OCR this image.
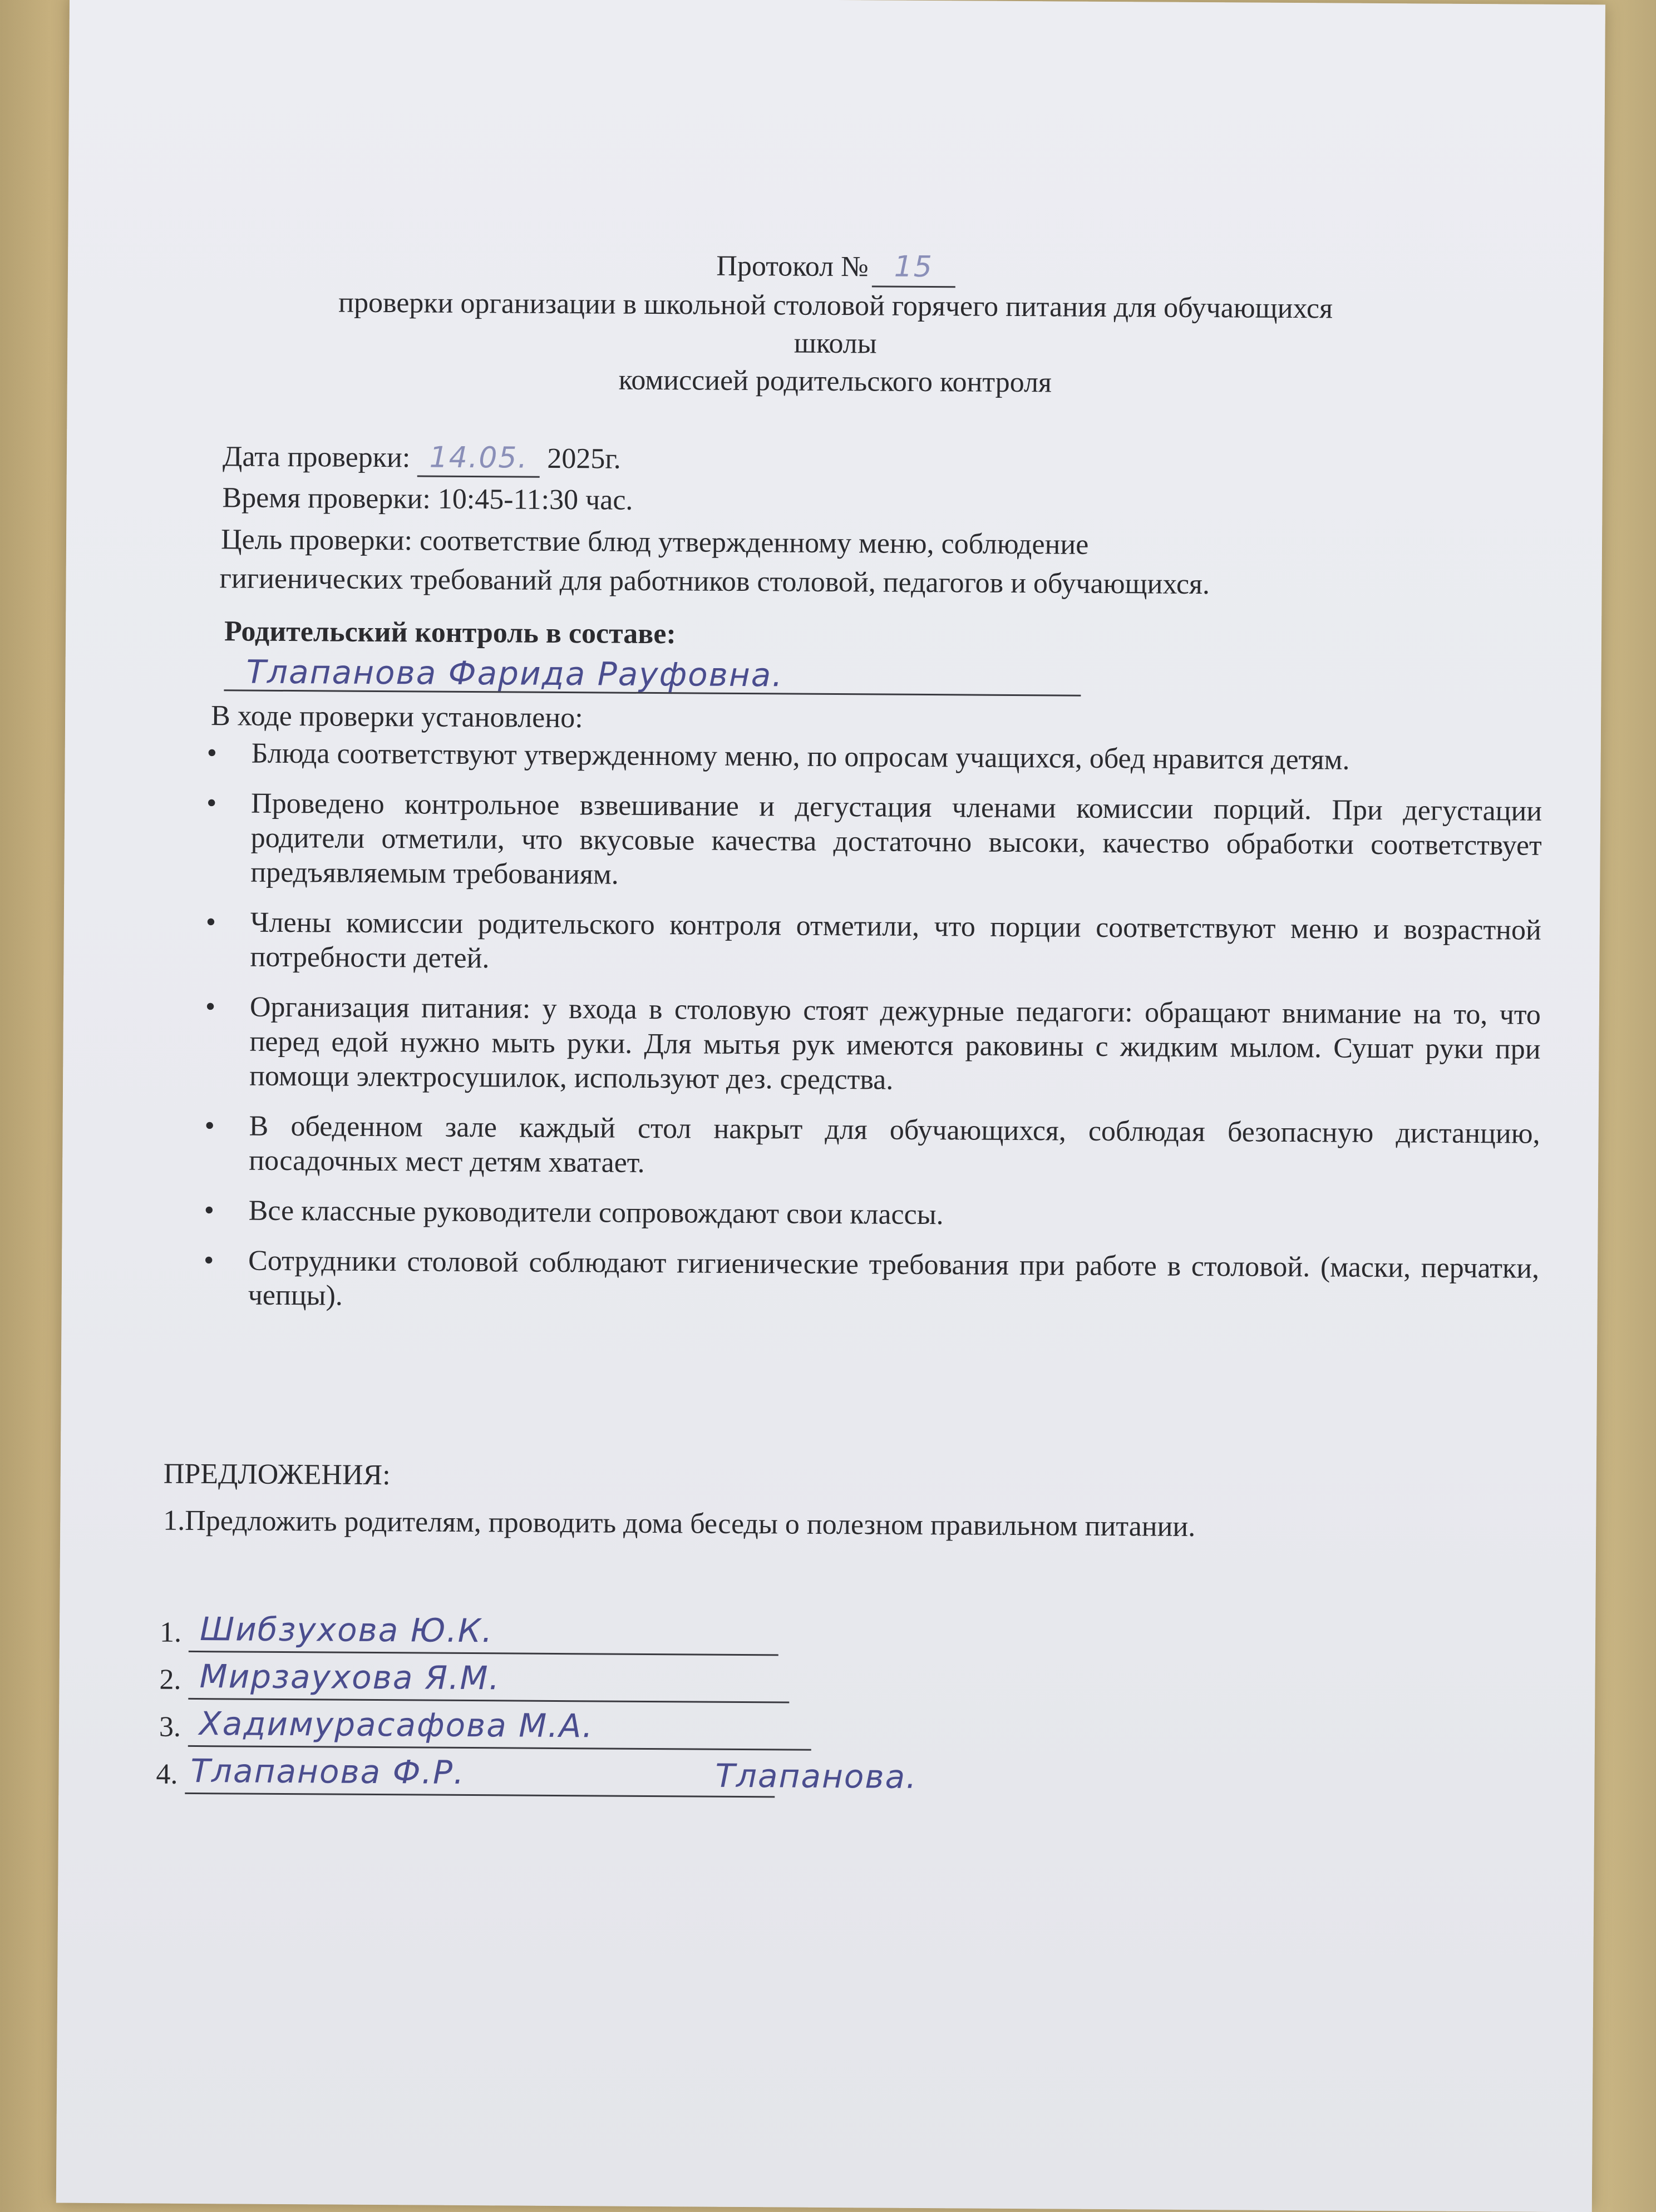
Протокол № 15
проверки организации в школьной столовой горячего питания для обучающихся
школы
комиссией родительского контроля
Дата проверки: 14.05. 2025г.
Время проверки: 10:45-11:30 час.
Цель проверки: соответствие блюд утвержденному меню, соблюдение
гигиенических требований для работников столовой, педагогов и обучающихся.
Родительский контроль в составе:
Тлапанова Фарида Рауфовна.
В ходе проверки установлено:
• Блюда соответствуют утвержденному меню, по опросам учащихся, обед нравится детям.
• Проведено контрольное взвешивание и дегустация членами комиссии порций. При дегустации родители отметили, что вкусовые качества достаточно высоки, качество обработки соответствует предъявляемым требованиям.
• Члены комиссии родительского контроля отметили, что порции соответствуют меню и возрастной потребности детей.
• Организация питания: у входа в столовую стоят дежурные педагоги: обращают внимание на то, что перед едой нужно мыть руки. Для мытья рук имеются раковины с жидким мылом. Сушат руки при помощи электросушилок, используют дез. средства.
• В обеденном зале каждый стол накрыт для обучающихся, соблюдая безопасную дистанцию, посадочных мест детям хватает.
• Все классные руководители сопровождают свои классы.
• Сотрудники столовой соблюдают гигиенические требования при работе в столовой. (маски, перчатки, чепцы).
ПРЕДЛОЖЕНИЯ:
1.Предложить родителям, проводить дома беседы о полезном правильном питании.
1. Шибзухова Ю.К.
2. Мирзаухова Я.М.
3. Хадимурасафова М.А.
4. Тлапанова Ф.Р.	Тлапанова.
